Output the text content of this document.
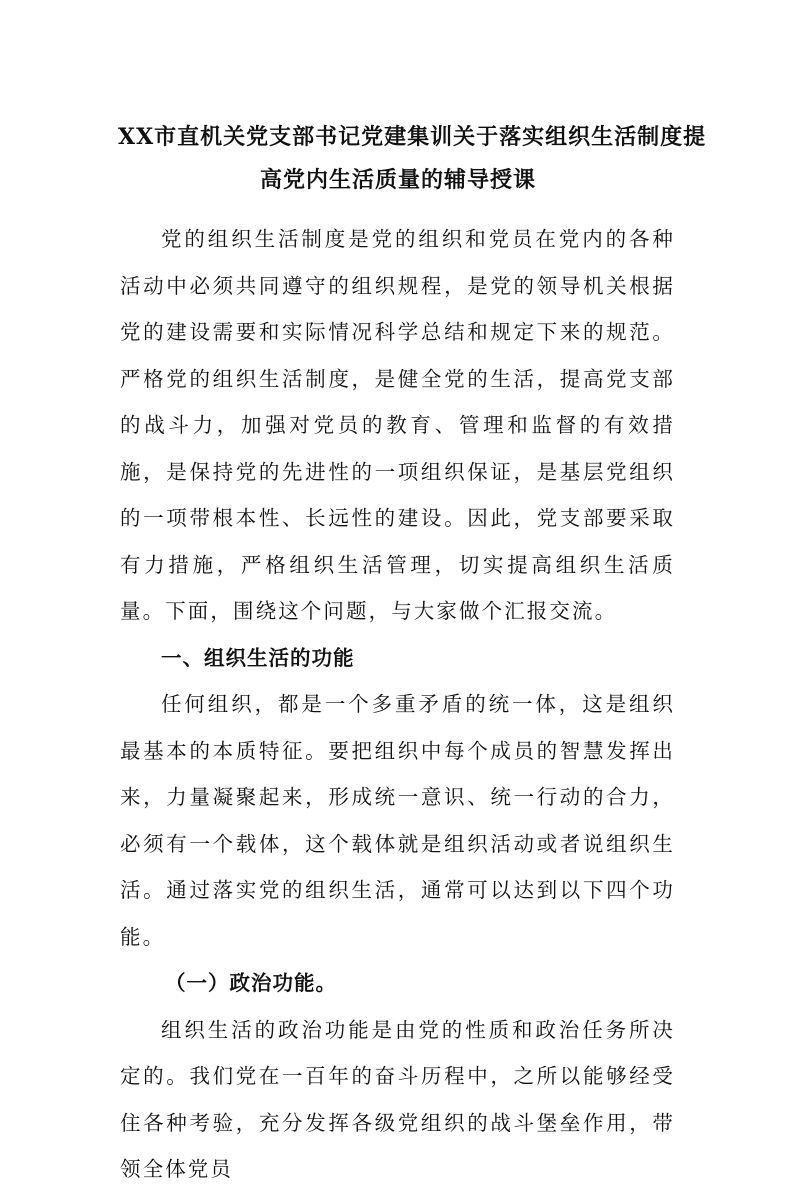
XX市直机关党支部书记党建集训关于落实组织生活制度提
高党内生活质量的辅导授课

党的组织生活制度是党的组织和党员在党内的各种活动中必须共同遵守的组织规程，是党的领导机关根据党的建设需要和实际情况科学总结和规定下来的规范。严格党的组织生活制度，是健全党的生活，提高党支部的战斗力，加强对党员的教育、管理和监督的有效措施，是保持党的先进性的一项组织保证，是基层党组织的一项带根本性、长远性的建设。因此，党支部要采取有力措施，严格组织生活管理，切实提高组织生活质量。下面，围绕这个问题，与大家做个汇报交流。

一、组织生活的功能

任何组织，都是一个多重矛盾的统一体，这是组织最基本的本质特征。要把组织中每个成员的智慧发挥出来，力量凝聚起来，形成统一意识、统一行动的合力，必须有一个载体，这个载体就是组织活动或者说组织生活。通过落实党的组织生活，通常可以达到以下四个功能。

（一）政治功能。

组织生活的政治功能是由党的性质和政治任务所决定的。我们党在一百年的奋斗历程中，之所以能够经受住各种考验，充分发挥各级党组织的战斗堡垒作用，带领全体党员
